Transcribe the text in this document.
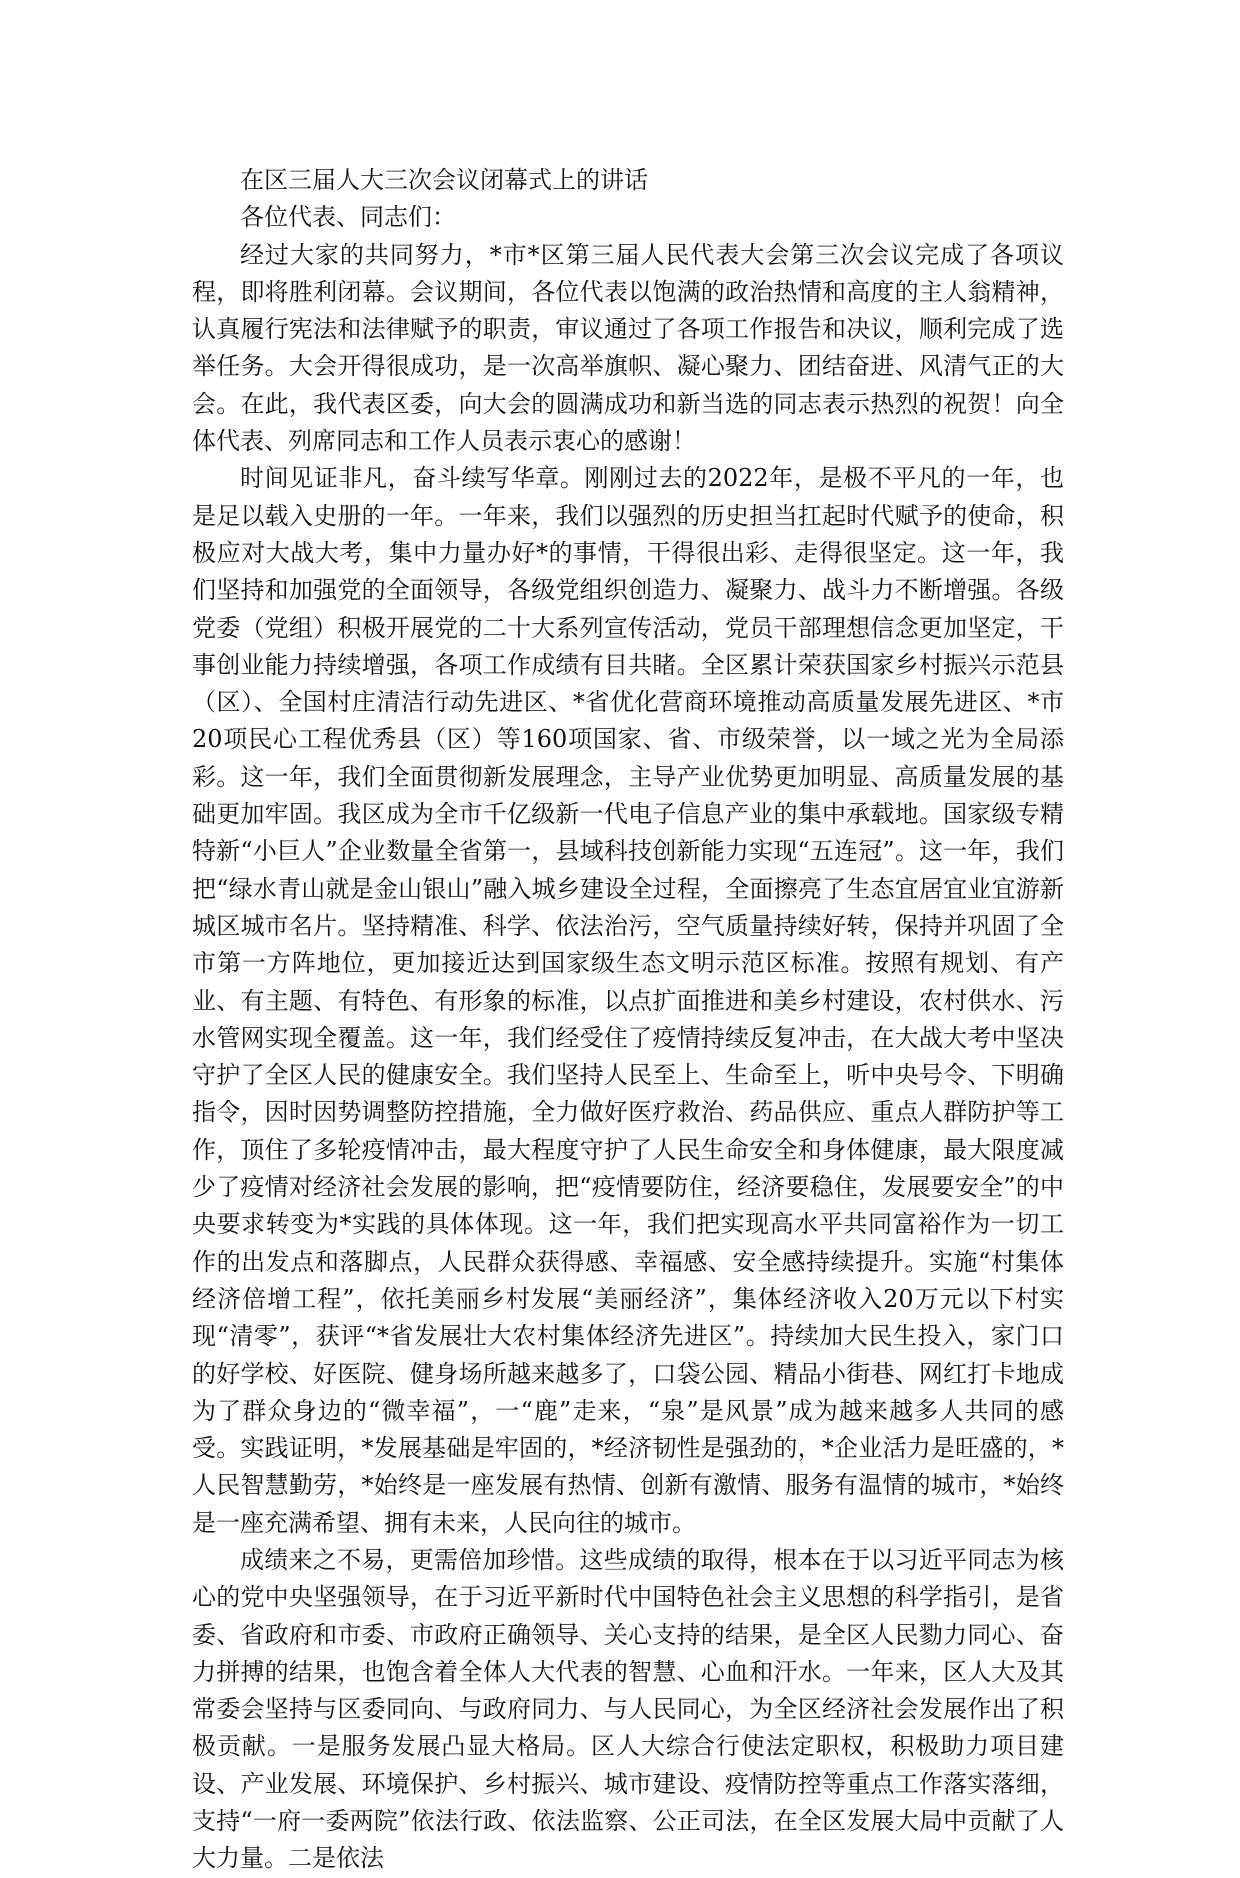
在区三届人大三次会议闭幕式上的讲话

各位代表、同志们：

经过大家的共同努力，*市*区第三届人民代表大会第三次会议完成了各项议程，即将胜利闭幕。会议期间，各位代表以饱满的政治热情和高度的主人翁精神，认真履行宪法和法律赋予的职责，审议通过了各项工作报告和决议，顺利完成了选举任务。大会开得很成功，是一次高举旗帜、凝心聚力、团结奋进、风清气正的大会。在此，我代表区委，向大会的圆满成功和新当选的同志表示热烈的祝贺！向全体代表、列席同志和工作人员表示衷心的感谢！

时间见证非凡，奋斗续写华章。刚刚过去的2022年，是极不平凡的一年，也是足以载入史册的一年。一年来，我们以强烈的历史担当扛起时代赋予的使命，积极应对大战大考，集中力量办好*的事情，干得很出彩、走得很坚定。这一年，我们坚持和加强党的全面领导，各级党组织创造力、凝聚力、战斗力不断增强。各级党委（党组）积极开展党的二十大系列宣传活动，党员干部理想信念更加坚定，干事创业能力持续增强，各项工作成绩有目共睹。全区累计荣获国家乡村振兴示范县（区）、全国村庄清洁行动先进区、*省优化营商环境推动高质量发展先进区、*市20项民心工程优秀县（区）等160项国家、省、市级荣誉，以一域之光为全局添彩。这一年，我们全面贯彻新发展理念，主导产业优势更加明显、高质量发展的基础更加牢固。我区成为全市千亿级新一代电子信息产业的集中承载地。国家级专精特新“小巨人”企业数量全省第一，县域科技创新能力实现“五连冠”。这一年，我们把“绿水青山就是金山银山”融入城乡建设全过程，全面擦亮了生态宜居宜业宜游新城区城市名片。坚持精准、科学、依法治污，空气质量持续好转，保持并巩固了全市第一方阵地位，更加接近达到国家级生态文明示范区标准。按照有规划、有产业、有主题、有特色、有形象的标准，以点扩面推进和美乡村建设，农村供水、污水管网实现全覆盖。这一年，我们经受住了疫情持续反复冲击，在大战大考中坚决守护了全区人民的健康安全。我们坚持人民至上、生命至上，听中央号令、下明确指令，因时因势调整防控措施，全力做好医疗救治、药品供应、重点人群防护等工作，顶住了多轮疫情冲击，最大程度守护了人民生命安全和身体健康，最大限度减少了疫情对经济社会发展的影响，把“疫情要防住，经济要稳住，发展要安全”的中央要求转变为*实践的具体体现。这一年，我们把实现高水平共同富裕作为一切工作的出发点和落脚点，人民群众获得感、幸福感、安全感持续提升。实施“村集体经济倍增工程”，依托美丽乡村发展“美丽经济”，集体经济收入20万元以下村实现“清零”，获评“*省发展壮大农村集体经济先进区”。持续加大民生投入，家门口的好学校、好医院、健身场所越来越多了，口袋公园、精品小街巷、网红打卡地成为了群众身边的“微幸福”，一“鹿”走来，“泉”是风景”成为越来越多人共同的感受。实践证明，*发展基础是牢固的，*经济韧性是强劲的，*企业活力是旺盛的，*人民智慧勤劳，*始终是一座发展有热情、创新有激情、服务有温情的城市，*始终是一座充满希望、拥有未来，人民向往的城市。

成绩来之不易，更需倍加珍惜。这些成绩的取得，根本在于以习近平同志为核心的党中央坚强领导，在于习近平新时代中国特色社会主义思想的科学指引，是省委、省政府和市委、市政府正确领导、关心支持的结果，是全区人民勠力同心、奋力拼搏的结果，也饱含着全体人大代表的智慧、心血和汗水。一年来，区人大及其常委会坚持与区委同向、与政府同力、与人民同心，为全区经济社会发展作出了积极贡献。一是服务发展凸显大格局。区人大综合行使法定职权，积极助力项目建设、产业发展、环境保护、乡村振兴、城市建设、疫情防控等重点工作落实落细，支持“一府一委两院”依法行政、依法监察、公正司法，在全区发展大局中贡献了人大力量。二是依法
